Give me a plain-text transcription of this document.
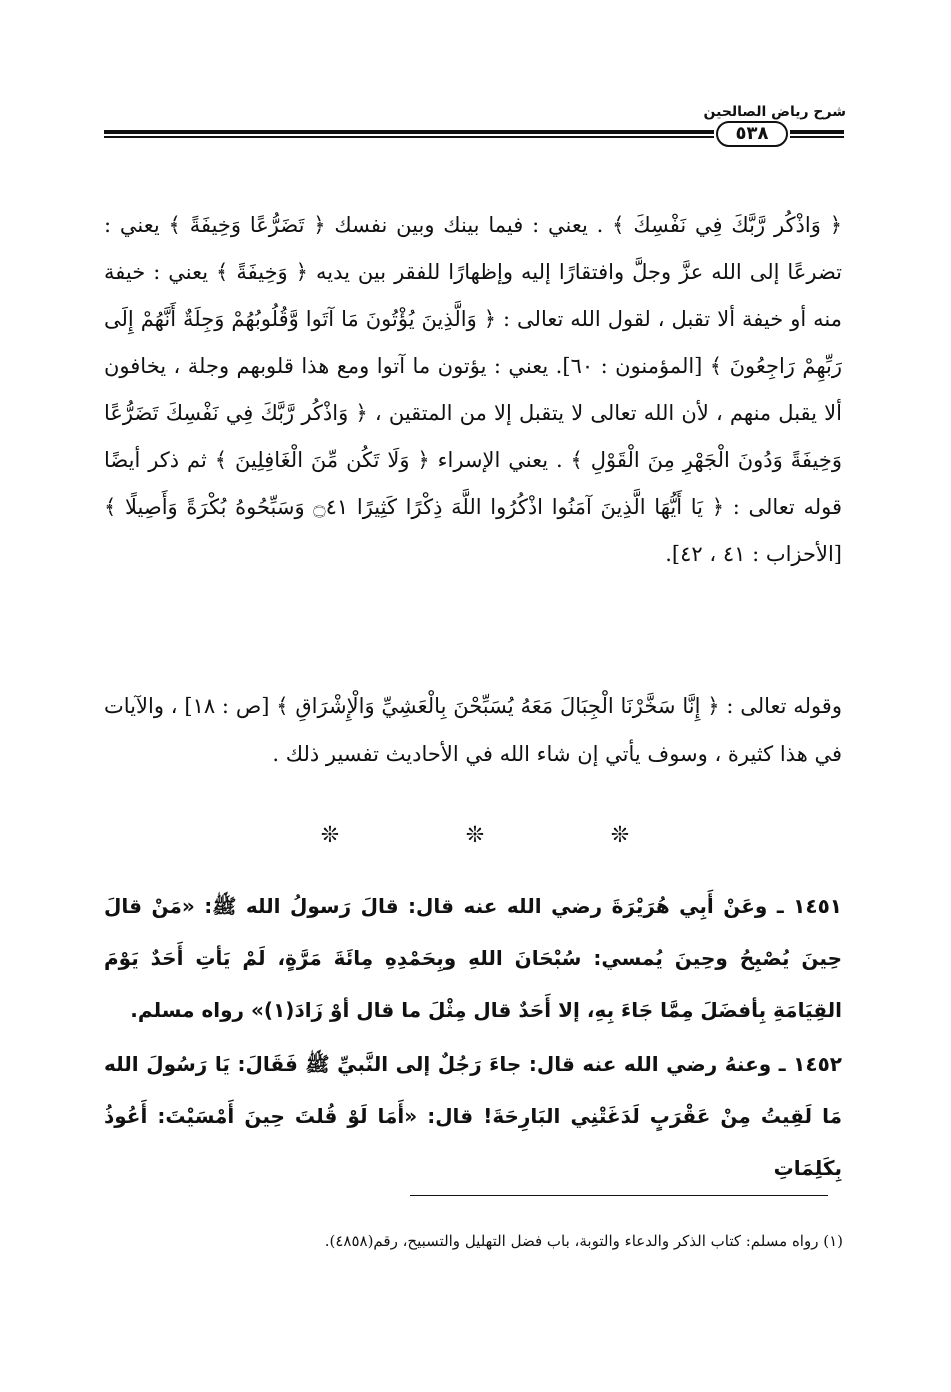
شرح رياض الصالحين
٥٣٨

﴿ وَاذْكُر رَّبَّكَ فِي نَفْسِكَ ﴾ . يعني : فيما بينك وبين نفسك ﴿ تَضَرُّعًا وَخِيفَةً ﴾ يعني : تضرعًا إلى الله عزَّ وجلَّ وافتقارًا إليه وإظهارًا للفقر بين يديه ﴿ وَخِيفَةً ﴾ يعني : خيفة منه أو خيفة ألا تقبل ، لقول الله تعالى : ﴿ وَالَّذِينَ يُؤْتُونَ مَا آتَوا وَّقُلُوبُهُمْ وَجِلَةٌ أَنَّهُمْ إِلَى رَبِّهِمْ رَاجِعُونَ ﴾ [المؤمنون : ٦٠]. يعني : يؤتون ما آتوا ومع هذا قلوبهم وجلة ، يخافون ألا يقبل منهم ، لأن الله تعالى لا يتقبل إلا من المتقين ، ﴿ وَاذْكُر رَّبَّكَ فِي نَفْسِكَ تَضَرُّعًا وَخِيفَةً وَدُونَ الْجَهْرِ مِنَ الْقَوْلِ ﴾ . يعني الإسراء ﴿ وَلَا تَكُن مِّنَ الْغَافِلِينَ ﴾ ثم ذكر أيضًا قوله تعالى : ﴿ يَا أَيُّهَا الَّذِينَ آمَنُوا اذْكُرُوا اللَّهَ ذِكْرًا كَثِيرًا ۝٤١ وَسَبِّحُوهُ بُكْرَةً وَأَصِيلًا ﴾ [الأحزاب : ٤١ ، ٤٢].

وقوله تعالى : ﴿ إِنَّا سَخَّرْنَا الْجِبَالَ مَعَهُ يُسَبِّحْنَ بِالْعَشِيِّ وَالْإِشْرَاقِ ﴾ [ص : ١٨] ، والآيات في هذا كثيرة ، وسوف يأتي إن شاء الله في الأحاديث تفسير ذلك .

❊
❊
❊

١٤٥١ ـ وعَنْ أَبِي هُرَيْرَةَ رضي الله عنه قال: قالَ رَسولُ الله ﷺ: «مَنْ قالَ حِينَ يُصْبِحُ وحِينَ يُمسي: سُبْحَانَ اللهِ وبِحَمْدِهِ مِائَةَ مَرَّةٍ، لَمْ يَأتِ أَحَدٌ يَوْمَ القِيَامَةِ بِأفضَلَ مِمَّا جَاءَ بِهِ، إلا أَحَدٌ قال مِثْلَ ما قال أوْ زَادَ(١)» رواه مسلم.

١٤٥٢ ـ وعنهُ رضي الله عنه قال: جاءَ رَجُلٌ إلى النَّبيِّ ﷺ فَقَالَ: يَا رَسُولَ الله مَا لَقِيتُ مِنْ عَقْرَبٍ لَدَغَتْنِي البَارِحَةَ! قال: «أَمَا لَوْ قُلتَ حِينَ أَمْسَيْتَ: أَعُوذُ بِكَلِمَاتِ

(١) رواه مسلم: كتاب الذكر والدعاء والتوبة، باب فضل التهليل والتسبيح، رقم(٤٨٥٨).
